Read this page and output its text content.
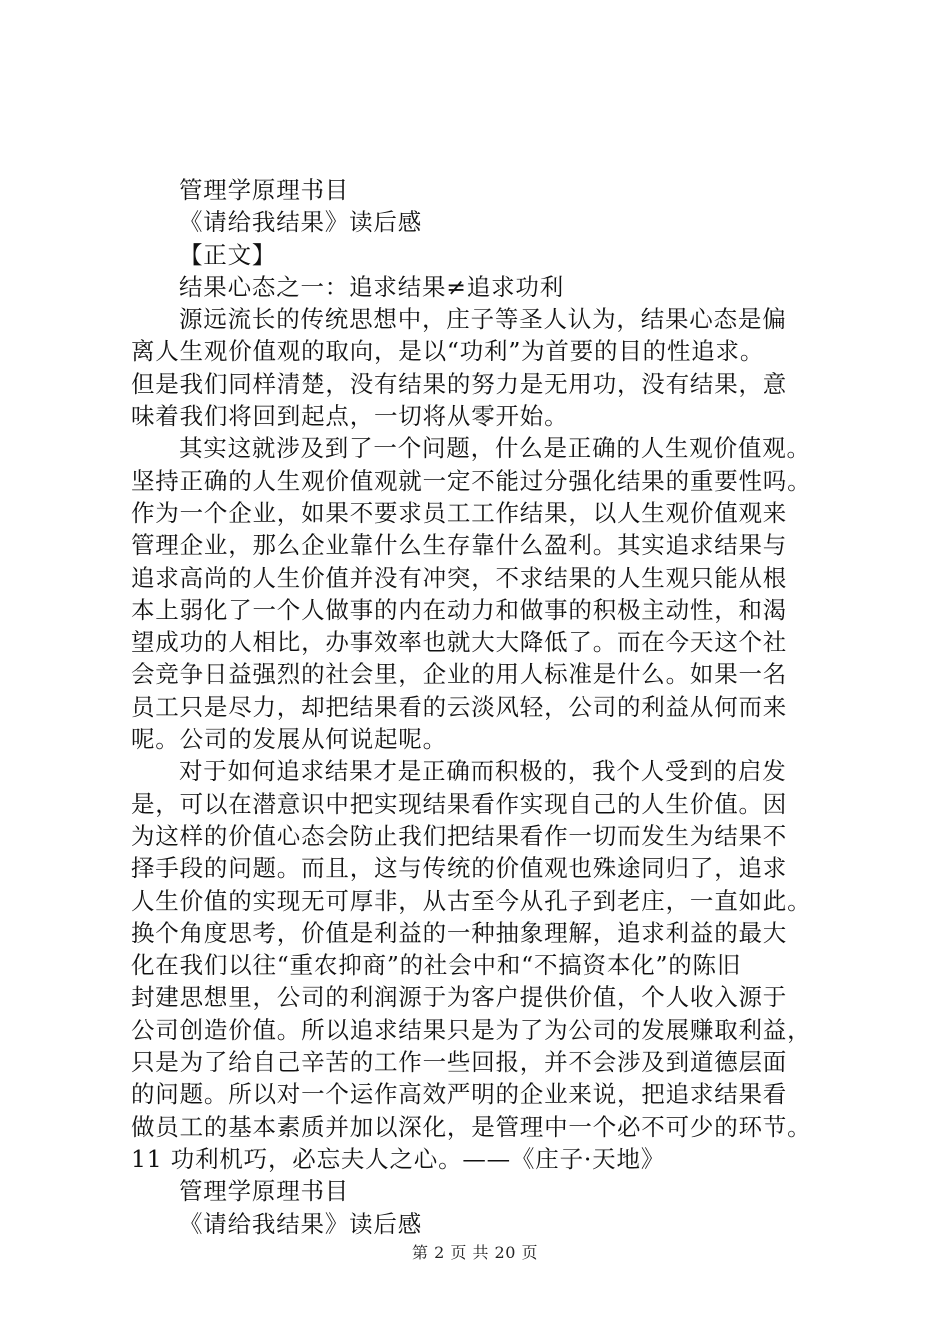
管理学原理书目
《请给我结果》读后感
【正文】
结果心态之一：追求结果≠追求功利
源远流长的传统思想中，庄子等圣人认为，结果心态是偏
离人生观价值观的取向，是以“功利”为首要的目的性追求。
但是我们同样清楚，没有结果的努力是无用功，没有结果，意
味着我们将回到起点，一切将从零开始。
其实这就涉及到了一个问题，什么是正确的人生观价值观。
坚持正确的人生观价值观就一定不能过分强化结果的重要性吗。
作为一个企业，如果不要求员工工作结果，以人生观价值观来
管理企业，那么企业靠什么生存靠什么盈利。其实追求结果与
追求高尚的人生价值并没有冲突，不求结果的人生观只能从根
本上弱化了一个人做事的内在动力和做事的积极主动性，和渴
望成功的人相比，办事效率也就大大降低了。而在今天这个社
会竞争日益强烈的社会里，企业的用人标准是什么。如果一名
员工只是尽力，却把结果看的云淡风轻，公司的利益从何而来
呢。公司的发展从何说起呢。
对于如何追求结果才是正确而积极的，我个人受到的启发
是，可以在潜意识中把实现结果看作实现自己的人生价值。因
为这样的价值心态会防止我们把结果看作一切而发生为结果不
择手段的问题。而且，这与传统的价值观也殊途同归了，追求
人生价值的实现无可厚非，从古至今从孔子到老庄，一直如此。
换个角度思考，价值是利益的一种抽象理解，追求利益的最大
化在我们以往“重农抑商”的社会中和“不搞资本化”的陈旧
封建思想里，公司的利润源于为客户提供价值，个人收入源于
公司创造价值。所以追求结果只是为了为公司的发展赚取利益，
只是为了给自己辛苦的工作一些回报，并不会涉及到道德层面
的问题。所以对一个运作高效严明的企业来说，把追求结果看
做员工的基本素质并加以深化，是管理中一个必不可少的环节。
11 功利机巧，必忘夫人之心。——《庄子·天地》
管理学原理书目
《请给我结果》读后感
第 2 页 共 20 页
